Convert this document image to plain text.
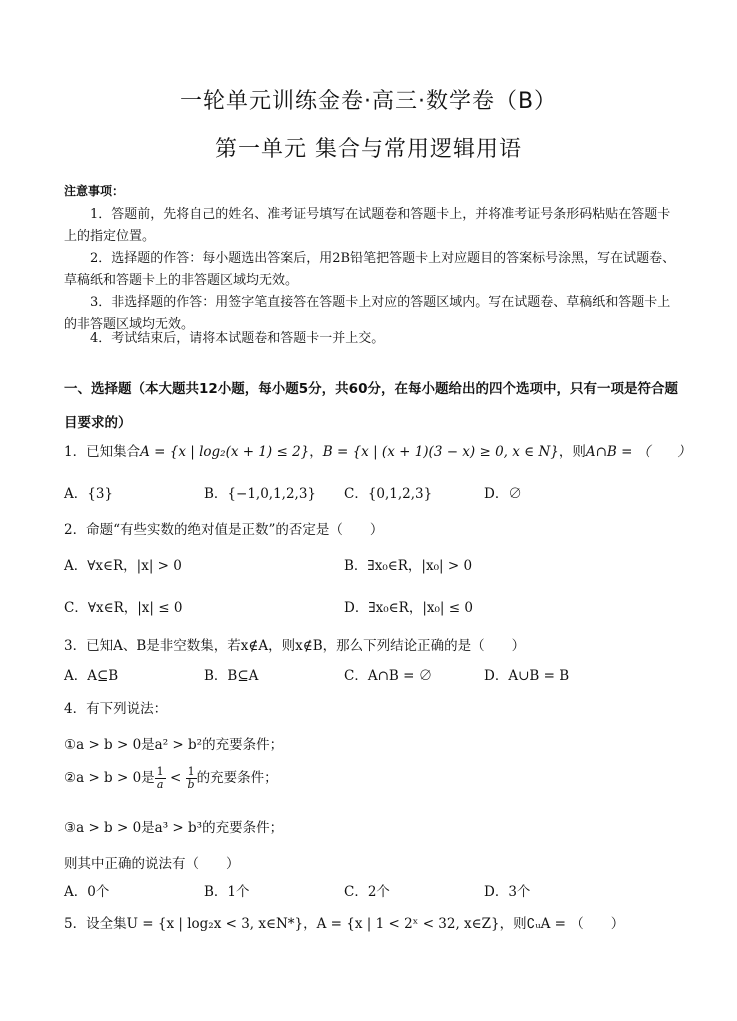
一轮单元训练金卷·高三·数学卷（B）
第一单元 集合与常用逻辑用语
注意事项：
1．答题前，先将自己的姓名、准考证号填写在试题卷和答题卡上，并将准考证号条形码粘贴在答题卡上的指定位置。
2．选择题的作答：每小题选出答案后，用2B铅笔把答题卡上对应题目的答案标号涂黑，写在试题卷、草稿纸和答题卡上的非答题区域均无效。
3．非选择题的作答：用签字笔直接答在答题卡上对应的答题区域内。写在试题卷、草稿纸和答题卡上的非答题区域均无效。
4．考试结束后，请将本试题卷和答题卡一并上交。
一、选择题（本大题共12小题，每小题5分，共60分，在每小题给出的四个选项中，只有一项是符合题目要求的）
1．已知集合A = {x | log₂(x + 1) ≤ 2}，B = {x | (x + 1)(3 − x) ≥ 0, x ∈ N}，则A∩B = （　　）
A．{3}	B．{−1,0,1,2,3} C．{0,1,2,3}	D．∅
2．命题“有些实数的绝对值是正数”的否定是（　　）
A．∀x∈R，|x| > 0	B．∃x₀∈R，|x₀| > 0
C．∀x∈R，|x| ≤ 0	D．∃x₀∈R，|x₀| ≤ 0
3．已知A、B是非空数集，若x∉A，则x∉B，那么下列结论正确的是（　　）
A．A⊆B	B．B⊆A	C．A∩B = ∅	D．A∪B = B
4．有下列说法：
①a > b > 0是a² > b²的充要条件；
②a > b > 0是 $\frac{1}{a} < \frac{1}{b}$ 的充要条件；
③a > b > 0是a³ > b³的充要条件；
则其中正确的说法有（　　）
A．0个	B．1个	C．2个	D．3个
5．设全集U = {x | log₂x < 3, x∈N*}，A = {x | 1 < 2ˣ < 32, x∈Z}，则∁ᵤA = （　　）
